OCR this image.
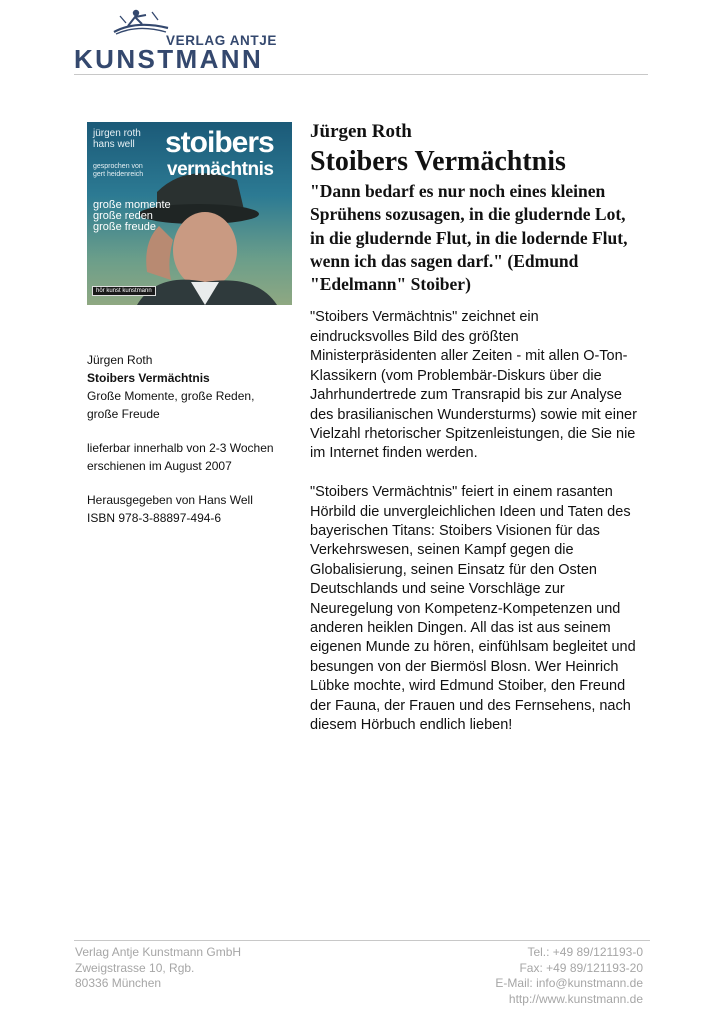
VERLAG ANTJE
KUNSTMANN
jürgen roth
hans well
gesprochen von
gert heidenreich
stoibers
vermächtnis
große momente
große reden
große freude
hör kunst kunstmann

Jürgen Roth
Stoibers Vermächtnis
Große Momente, große Reden, große Freude

lieferbar innerhalb von 2-3 Wochen
erschienen im August 2007

Herausgegeben von Hans Well
ISBN 978-3-88897-494-6

Jürgen Roth
Stoibers Vermächtnis

"Dann bedarf es nur noch eines kleinen Sprühens sozusagen, in die gludernde Lot, in die gludernde Flut, in die lodernde Flut, wenn ich das sagen darf." (Edmund "Edelmann" Stoiber)

"Stoibers Vermächtnis" zeichnet ein eindrucksvolles Bild des größten Ministerpräsidenten aller Zeiten - mit allen O-Ton-Klassikern (vom Problembär-Diskurs über die Jahrhundertrede zum Transrapid bis zur Analyse des brasilianischen Wundersturms) sowie mit einer Vielzahl rhetorischer Spitzenleistungen, die Sie nie im Internet finden werden.

"Stoibers Vermächtnis" feiert in einem rasanten Hörbild die unvergleichlichen Ideen und Taten des bayerischen Titans: Stoibers Visionen für das Verkehrswesen, seinen Kampf gegen die Globalisierung, seinen Einsatz für den Osten Deutschlands und seine Vorschläge zur Neuregelung von Kompetenz-Kompetenzen und anderen heiklen Dingen. All das ist aus seinem eigenen Munde zu hören, einfühlsam begleitet und besungen von der Biermösl Blosn. Wer Heinrich Lübke mochte, wird Edmund Stoiber, den Freund der Fauna, der Frauen und des Fernsehens, nach diesem Hörbuch endlich lieben!

Verlag Antje Kunstmann GmbH
Zweigstrasse 10, Rgb.
80336 München
Tel.: +49 89/121193-0
Fax: +49 89/121193-20
E-Mail: info@kunstmann.de
http://www.kunstmann.de
